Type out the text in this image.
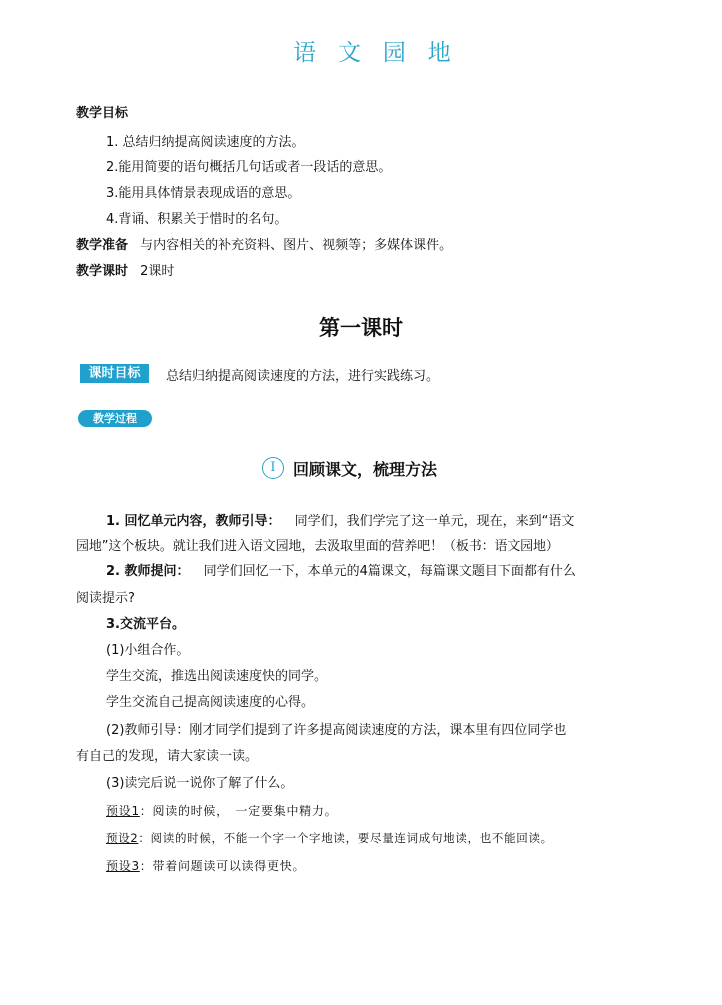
语文园地
教学目标
1. 总结归纳提高阅读速度的方法。
2.能用简要的语句概括几句话或者一段话的意思。
3.能用具体情景表现成语的意思。
4.背诵、积累关于惜时的名句。
教学准备 与内容相关的补充资料、图片、视频等；多媒体课件。
教学课时 2课时
第一课时
课时目标	总结归纳提高阅读速度的方法，进行实践练习。
教学过程
I	回顾课文，梳理方法
1. 回忆单元内容，教师引导： 同学们，我们学完了这一单元，现在，来到“语文
园地”这个板块。就让我们进入语文园地，去汲取里面的营养吧！（板书：语文园地）
2. 教师提问： 同学们回忆一下，本单元的4篇课文，每篇课文题目下面都有什么
阅读提示?
3.交流平台。
(1)小组合作。
学生交流，推选出阅读速度快的同学。
学生交流自己提高阅读速度的心得。
(2)教师引导：刚才同学们提到了许多提高阅读速度的方法，课本里有四位同学也
有自己的发现，请大家读一读。
(3)读完后说一说你了解了什么。
预设1：阅读的时候，　一定要集中精力。
预设2：阅读的时候，不能一个字一个字地读，要尽量连词成句地读，也不能回读。
预设3：带着问题读可以读得更快。
